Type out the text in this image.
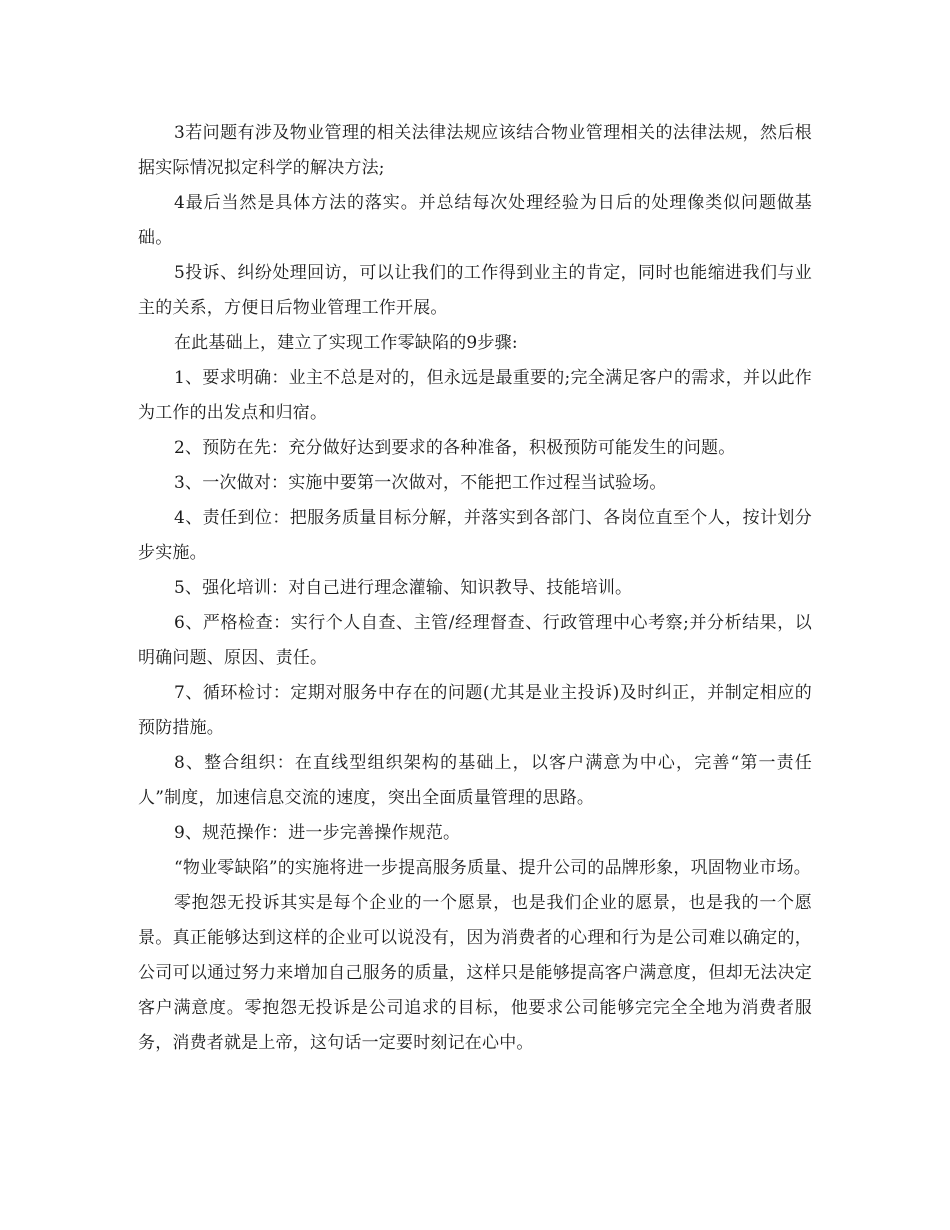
3若问题有涉及物业管理的相关法律法规应该结合物业管理相关的法律法规，然后根据实际情况拟定科学的解决方法;

4最后当然是具体方法的落实。并总结每次处理经验为日后的处理像类似问题做基础。

5投诉、纠纷处理回访，可以让我们的工作得到业主的肯定，同时也能缩进我们与业主的关系，方便日后物业管理工作开展。

在此基础上，建立了实现工作零缺陷的9步骤:

1、要求明确：业主不总是对的，但永远是最重要的;完全满足客户的需求，并以此作为工作的出发点和归宿。

2、预防在先：充分做好达到要求的各种准备，积极预防可能发生的问题。

3、一次做对：实施中要第一次做对，不能把工作过程当试验场。

4、责任到位：把服务质量目标分解，并落实到各部门、各岗位直至个人，按计划分步实施。

5、强化培训：对自己进行理念灌输、知识教导、技能培训。

6、严格检查：实行个人自查、主管/经理督查、行政管理中心考察;并分析结果，以明确问题、原因、责任。

7、循环检讨：定期对服务中存在的问题(尤其是业主投诉)及时纠正，并制定相应的预防措施。

8、整合组织：在直线型组织架构的基础上，以客户满意为中心，完善“第一责任人”制度，加速信息交流的速度，突出全面质量管理的思路。

9、规范操作：进一步完善操作规范。

“物业零缺陷”的实施将进一步提高服务质量、提升公司的品牌形象，巩固物业市场。

零抱怨无投诉其实是每个企业的一个愿景，也是我们企业的愿景，也是我的一个愿景。真正能够达到这样的企业可以说没有，因为消费者的心理和行为是公司难以确定的，公司可以通过努力来增加自己服务的质量，这样只是能够提高客户满意度，但却无法决定客户满意度。零抱怨无投诉是公司追求的目标，他要求公司能够完完全全地为消费者服务，消费者就是上帝，这句话一定要时刻记在心中。
